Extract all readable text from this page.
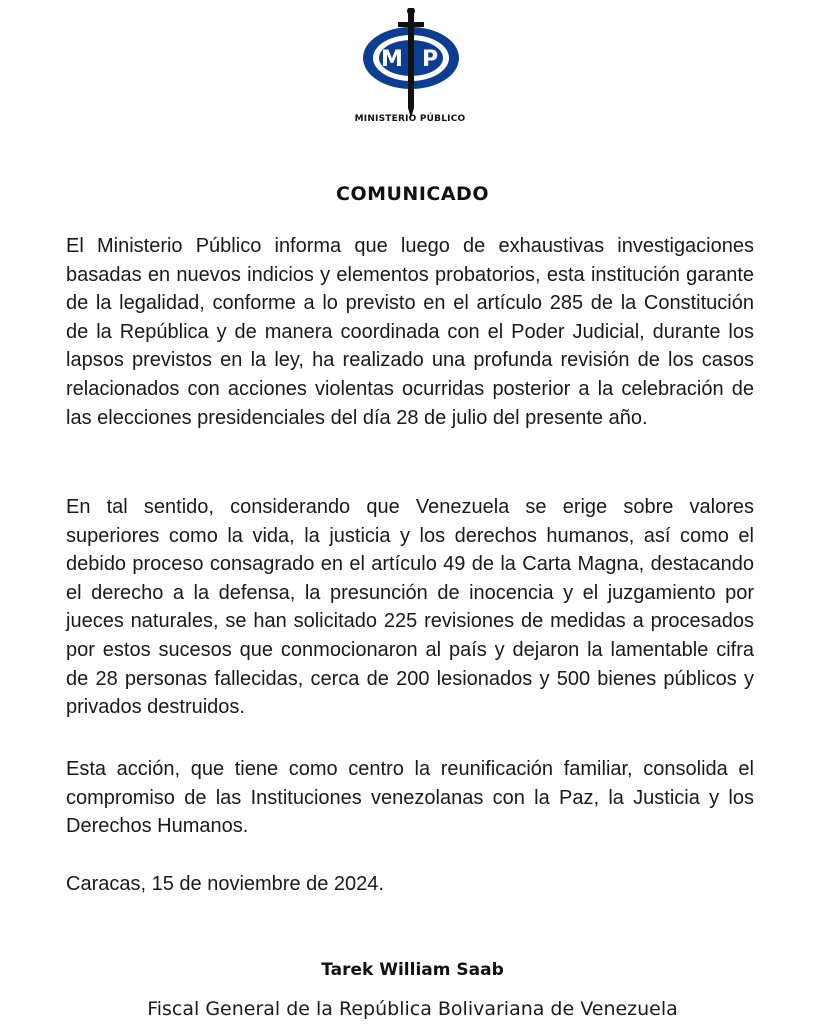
M P
MINISTERIO PÚBLICO
COMUNICADO

El Ministerio Público informa que luego de exhaustivas investigaciones basadas en nuevos indicios y elementos probatorios, esta institución garante de la legalidad, conforme a lo previsto en el artículo 285 de la Constitución de la República y de manera coordinada con el Poder Judicial, durante los lapsos previstos en la ley, ha realizado una profunda revisión de los casos relacionados con acciones violentas ocurridas posterior a la celebración de las elecciones presidenciales del día 28 de julio del presente año.

En tal sentido, considerando que Venezuela se erige sobre valores superiores como la vida, la justicia y los derechos humanos, así como el debido proceso consagrado en el artículo 49 de la Carta Magna, destacando el derecho a la defensa, la presunción de inocencia y el juzgamiento por jueces naturales, se han solicitado 225 revisiones de medidas a procesados por estos sucesos que conmocionaron al país y dejaron la lamentable cifra de 28 personas fallecidas, cerca de 200 lesionados y 500 bienes públicos y privados destruidos.

Esta acción, que tiene como centro la reunificación familiar, consolida el compromiso de las Instituciones venezolanas con la Paz, la Justicia y los Derechos Humanos.

Caracas, 15 de noviembre de 2024.
Tarek William Saab
Fiscal General de la República Bolivariana de Venezuela
